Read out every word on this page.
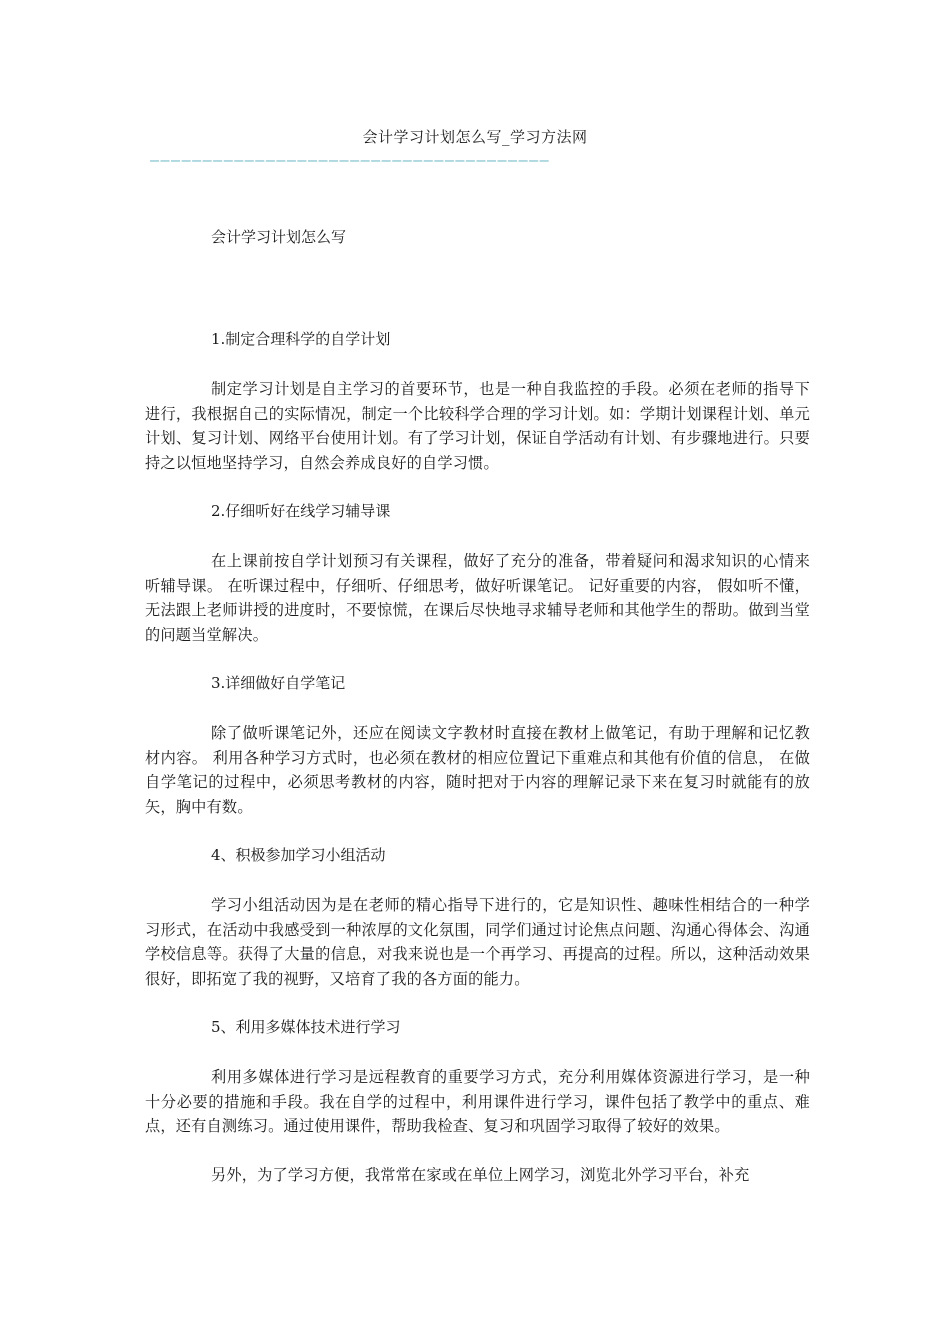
会计学习计划怎么写_学习方法网
——————————————————————————————————————
会计学习计划怎么写
1.制定合理科学的自学计划

制定学习计划是自主学习的首要环节，也是一种自我监控的手段。必须在老师的指导下进行，我根据自己的实际情况，制定一个比较科学合理的学习计划。如：学期计划课程计划、单元计划、复习计划、网络平台使用计划。有了学习计划，保证自学活动有计划、有步骤地进行。只要持之以恒地坚持学习，自然会养成良好的自学习惯。

2.仔细听好在线学习辅导课

在上课前按自学计划预习有关课程，做好了充分的准备，带着疑问和渴求知识的心情来听辅导课。 在听课过程中，仔细听、仔细思考，做好听课笔记。 记好重要的内容， 假如听不懂，无法跟上老师讲授的进度时，不要惊慌，在课后尽快地寻求辅导老师和其他学生的帮助。做到当堂的问题当堂解决。

3.详细做好自学笔记

除了做听课笔记外，还应在阅读文字教材时直接在教材上做笔记，有助于理解和记忆教材内容。 利用各种学习方式时，也必须在教材的相应位置记下重难点和其他有价值的信息， 在做自学笔记的过程中，必须思考教材的内容，随时把对于内容的理解记录下来在复习时就能有的放矢，胸中有数。

4、积极参加学习小组活动

学习小组活动因为是在老师的精心指导下进行的，它是知识性、趣味性相结合的一种学习形式，在活动中我感受到一种浓厚的文化氛围，同学们通过讨论焦点问题、沟通心得体会、沟通学校信息等。获得了大量的信息，对我来说也是一个再学习、再提高的过程。所以，这种活动效果很好，即拓宽了我的视野，又培育了我的各方面的能力。

5、利用多媒体技术进行学习

利用多媒体进行学习是远程教育的重要学习方式，充分利用媒体资源进行学习，是一种十分必要的措施和手段。我在自学的过程中，利用课件进行学习，课件包括了教学中的重点、难点，还有自测练习。通过使用课件，帮助我检查、复习和巩固学习取得了较好的效果。

另外，为了学习方便，我常常在家或在单位上网学习，浏览北外学习平台，补充
